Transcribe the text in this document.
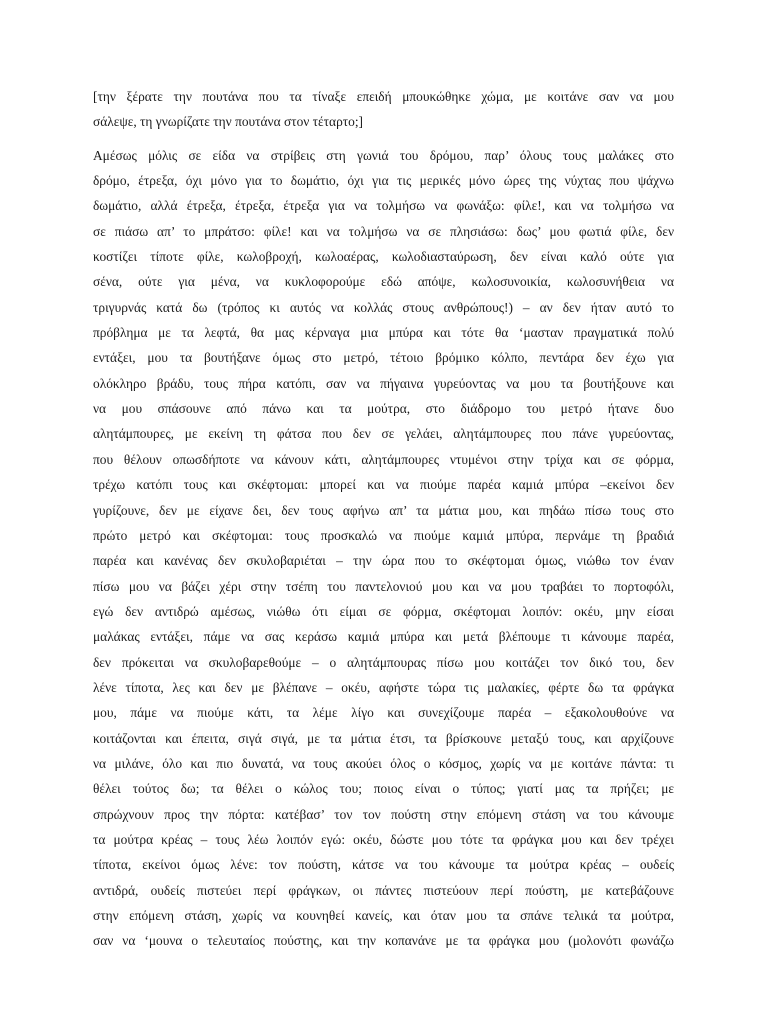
[την ξέρατε την πουτάνα που τα τίναξε επειδή μπουκώθηκε χώμα, με κοιτάνε σαν να μου
σάλεψε, τη γνωρίζατε την πουτάνα στον τέταρτο;]
Αμέσως μόλις σε είδα να στρίβεις στη γωνιά του δρόμου, παρ’ όλους τους μαλάκες στο
δρόμο, έτρεξα, όχι μόνο για το δωμάτιο, όχι για τις μερικές μόνο ώρες της νύχτας που ψάχνω
δωμάτιο, αλλά έτρεξα, έτρεξα, έτρεξα για να τολμήσω να φωνάξω: φίλε!, και να τολμήσω να
σε πιάσω απ’ το μπράτσο: φίλε! και να τολμήσω να σε πλησιάσω: δως’ μου φωτιά φίλε, δεν
κοστίζει τίποτε φίλε, κωλοβροχή, κωλοαέρας, κωλοδιασταύρωση, δεν είναι καλό ούτε για
σένα, ούτε για μένα, να κυκλοφορούμε εδώ απόψε, κωλοσυνοικία, κωλοσυνήθεια να
τριγυρνάς κατά δω (τρόπος κι αυτός να κολλάς στους ανθρώπους!) – αν δεν ήταν αυτό το
πρόβλημα με τα λεφτά, θα μας κέρναγα μια μπύρα και τότε θα ‘μασταν πραγματικά πολύ
εντάξει, μου τα βουτήξανε όμως στο μετρό, τέτοιο βρόμικο κόλπο, πεντάρα δεν έχω για
ολόκληρο βράδυ, τους πήρα κατόπι, σαν να πήγαινα γυρεύοντας να μου τα βουτήξουνε και
να μου σπάσουνε από πάνω και τα μούτρα, στο διάδρομο του μετρό ήτανε δυο
αλητάμπουρες, με εκείνη τη φάτσα που δεν σε γελάει, αλητάμπουρες που πάνε γυρεύοντας,
που θέλουν οπωσδήποτε να κάνουν κάτι, αλητάμπουρες ντυμένοι στην τρίχα και σε φόρμα,
τρέχω κατόπι τους και σκέφτομαι: μπορεί και να πιούμε παρέα καμιά μπύρα –εκείνοι δεν
γυρίζουνε, δεν με είχανε δει, δεν τους αφήνω απ’ τα μάτια μου, και πηδάω πίσω τους στο
πρώτο μετρό και σκέφτομαι: τους προσκαλώ να πιούμε καμιά μπύρα, περνάμε τη βραδιά
παρέα και κανένας δεν σκυλοβαριέται – την ώρα που το σκέφτομαι όμως, νιώθω τον έναν
πίσω μου να βάζει χέρι στην τσέπη του παντελονιού μου και να μου τραβάει το πορτοφόλι,
εγώ δεν αντιδρώ αμέσως, νιώθω ότι είμαι σε φόρμα, σκέφτομαι λοιπόν: οκέυ, μην είσαι
μαλάκας εντάξει, πάμε να σας κεράσω καμιά μπύρα και μετά βλέπουμε τι κάνουμε παρέα,
δεν πρόκειται να σκυλοβαρεθούμε – ο αλητάμπουρας πίσω μου κοιτάζει τον δικό του, δεν
λένε τίποτα, λες και δεν με βλέπανε – οκέυ, αφήστε τώρα τις μαλακίες, φέρτε δω τα φράγκα
μου, πάμε να πιούμε κάτι, τα λέμε λίγο και συνεχίζουμε παρέα – εξακολουθούνε να
κοιτάζονται και έπειτα, σιγά σιγά, με τα μάτια έτσι, τα βρίσκουνε μεταξύ τους, και αρχίζουνε
να μιλάνε, όλο και πιο δυνατά, να τους ακούει όλος ο κόσμος, χωρίς να με κοιτάνε πάντα: τι
θέλει τούτος δω; τα θέλει ο κώλος του; ποιος είναι ο τύπος; γιατί μας τα πρήζει; με
σπρώχνουν προς την πόρτα: κατέβασ’ τον τον πούστη στην επόμενη στάση να του κάνουμε
τα μούτρα κρέας – τους λέω λοιπόν εγώ: οκέυ, δώστε μου τότε τα φράγκα μου και δεν τρέχει
τίποτα, εκείνοι όμως λένε: τον πούστη, κάτσε να του κάνουμε τα μούτρα κρέας – ουδείς
αντιδρά, ουδείς πιστεύει περί φράγκων, οι πάντες πιστεύουν περί πούστη, με κατεβάζουνε
στην επόμενη στάση, χωρίς να κουνηθεί κανείς, και όταν μου τα σπάνε τελικά τα μούτρα,
σαν να ‘μουνα ο τελευταίος πούστης, και την κοπανάνε με τα φράγκα μου (μολονότι φωνάζω
